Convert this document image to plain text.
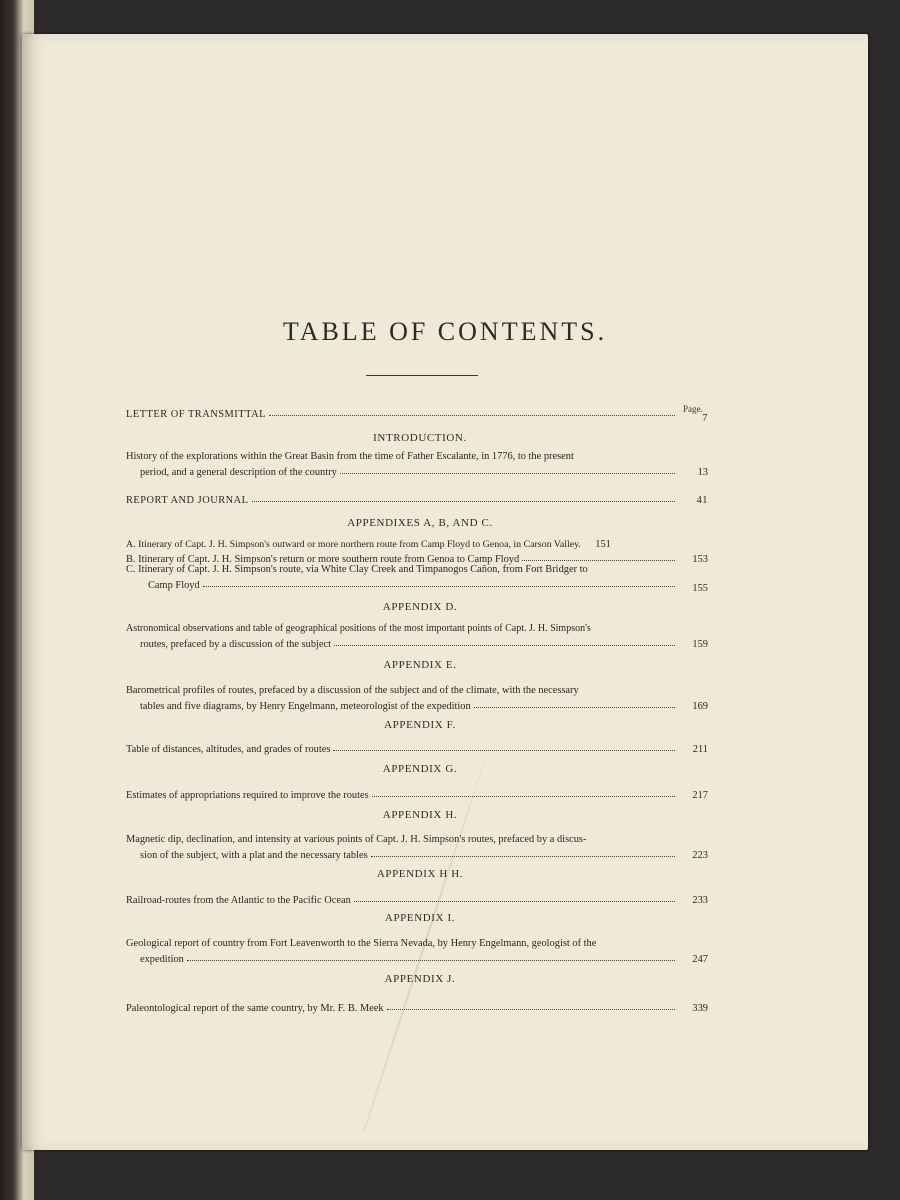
TABLE OF CONTENTS.
Page.
LETTER OF TRANSMITTAL	7
INTRODUCTION.
History of the explorations within the Great Basin from the time of Father Escalante, in 1776, to the present
period, and a general description of the country	13
REPORT AND JOURNAL	41
APPENDIXES A, B, AND C.
A. Itinerary of Capt. J. H. Simpson's outward or more northern route from Camp Floyd to Genoa, in Carson Valley.	151
B. Itinerary of Capt. J. H. Simpson's return or more southern route from Genoa to Camp Floyd	153
C. Itinerary of Capt. J. H. Simpson's route, via White Clay Creek and Timpanogos Cañon, from Fort Bridger to
Camp Floyd	155
APPENDIX D.
Astronomical observations and table of geographical positions of the most important points of Capt. J. H. Simpson's
routes, prefaced by a discussion of the subject	159
APPENDIX E.
Barometrical profiles of routes, prefaced by a discussion of the subject and of the climate, with the necessary
tables and five diagrams, by Henry Engelmann, meteorologist of the expedition	169
APPENDIX F.
Table of distances, altitudes, and grades of routes	211
APPENDIX G.
Estimates of appropriations required to improve the routes	217
APPENDIX H.
Magnetic dip, declination, and intensity at various points of Capt. J. H. Simpson's routes, prefaced by a discus-
sion of the subject, with a plat and the necessary tables	223
APPENDIX H H.
Railroad-routes from the Atlantic to the Pacific Ocean	233
APPENDIX I.
Geological report of country from Fort Leavenworth to the Sierra Nevada, by Henry Engelmann, geologist of the
expedition	247
APPENDIX J.
Paleontological report of the same country, by Mr. F. B. Meek	339
